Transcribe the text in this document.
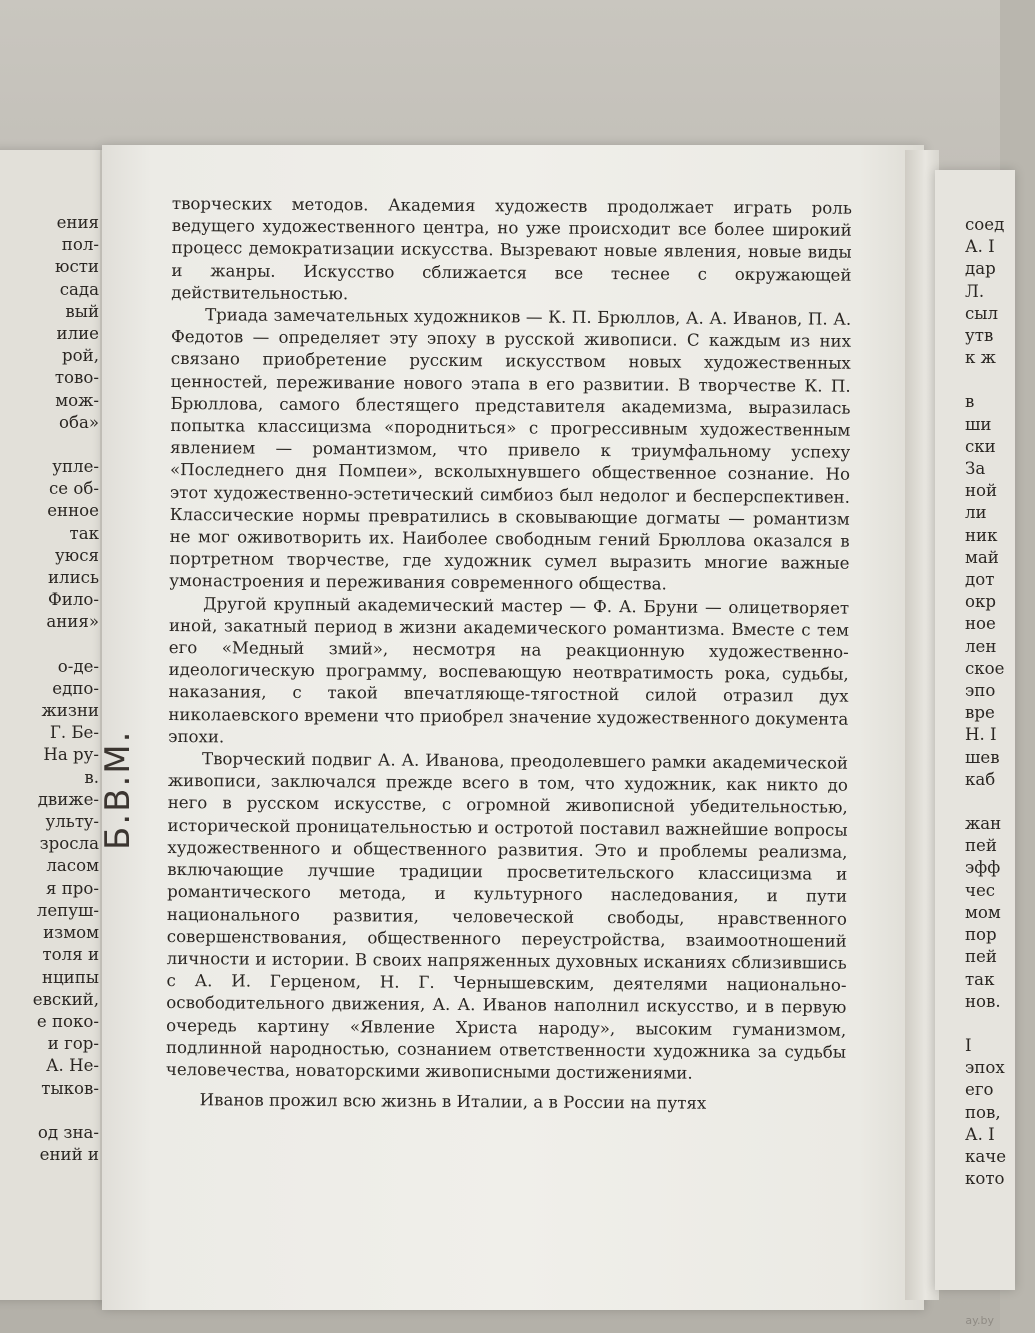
ения
пол-
юсти
сада
вый
илие
рой,
тово-
мож-
оба»
упле-
се об-
енное
так
уюся
ились
Фило-
ания»
о-де-
едпо-
жизни
Г. Бе-
На ру-
в.
движе-
ультy-
зросла
ласом
я про-
лепуш-
измом
толя и
нципы
евский,
е поко-
и гор-
А. Не-
тыков-
од зна-
ений и

творческих методов. Академия художеств продолжает играть роль ведущего художественного центра, но уже происходит все более широкий процесс демократизации искусства. Вызревают новые явления, новые виды и жанры. Искусство сближается все теснее с окружающей действительностью.

Триада замечательных художников — К. П. Брюллов, А. А. Иванов, П. А. Федотов — определяет эту эпоху в русской живописи. С каждым из них связано приобретение русским искусством новых художественных ценностей, переживание нового этапа в его развитии. В творчестве К. П. Брюллова, самого блестящего представителя академизма, выразилась попытка классицизма «породниться» с прогрессивным художественным явлением — романтизмом, что привело к триумфальному успеху «Последнего дня Помпеи», всколыхнувшего общественное сознание. Но этот художественно-эстетический симбиоз был недолог и бесперспективен. Классические нормы превратились в сковывающие догматы — романтизм не мог оживотворить их. Наиболее свободным гений Брюллова оказался в портретном творчестве, где художник сумел выразить многие важные умонастроения и переживания современного общества.

Другой крупный академический мастер — Ф. А. Бруни — олицетворяет иной, закатный период в жизни академического романтизма. Вместе с тем его «Медный змий», несмотря на реакционную художественно-идеологическую программу, воспевающую неотвратимость рока, судьбы, наказания, с такой впечатляюще-тягостной силой отразил дух николаевского времени что приобрел значение художественного документа эпохи.

Творческий подвиг А. А. Иванова, преодолевшего рамки академической живописи, заключался прежде всего в том, что художник, как никто до него в русском искусстве, с огромной живописной убедительностью, исторической проницательностью и остротой поставил важнейшие вопросы художественного и общественного развития. Это и проблемы реализма, включающие лучшие традиции просветительского классицизма и романтического метода, и культурного наследования, и пути национального развития, человеческой свободы, нравственного совершенствования, общественного переустройства, взаимоотношений личности и истории. В своих напряженных духовных исканиях сблизившись с А. И. Герценом, Н. Г. Чернышевским, деятелями национально-освободительного движения, А. А. Иванов наполнил искусство, и в первую очередь картину «Явление Христа народу», высоким гуманизмом, подлинной народностью, сознанием ответственности художника за судьбы человечества, новаторскими живописными достижениями.

Иванов прожил всю жизнь в Италии, а в России на путях

соед
А. І
дар
Л.
сыл
утв
к ж
в
ши
ски
За
ной
ли
ник
май
дот
окр
ное
лен
ское
эпо
вре
Н. І
шев
каб
жан
пей
эфф
чес
мом
пор
пей
так
нов.
I
эпох
его
пов,
А. І
каче
кото
Б.В.М.
ay.by
